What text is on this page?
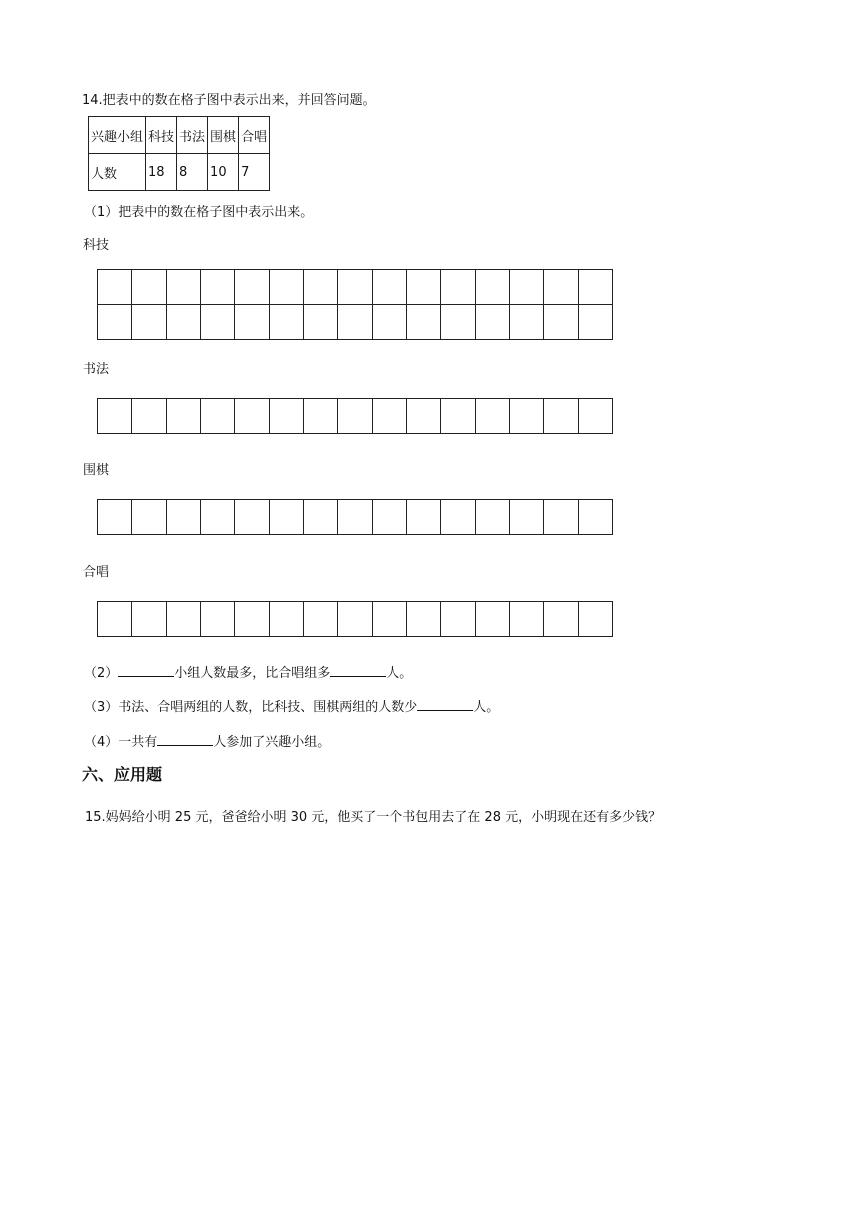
14.把表中的数在格子图中表示出来，并回答问题。
兴趣小组	科技	书法	围棋	合唱
人数	18	8	10	7
（1）把表中的数在格子图中表示出来。
科技
书法
围棋
合唱
（2）	小组人数最多，比合唱组多	人。
（3）书法、合唱两组的人数，比科技、围棋两组的人数少	人。
（4）一共有	人参加了兴趣小组。
六、应用题
15.妈妈给小明 25 元，爸爸给小明 30 元，他买了一个书包用去了在 28 元，小明现在还有多少钱？
